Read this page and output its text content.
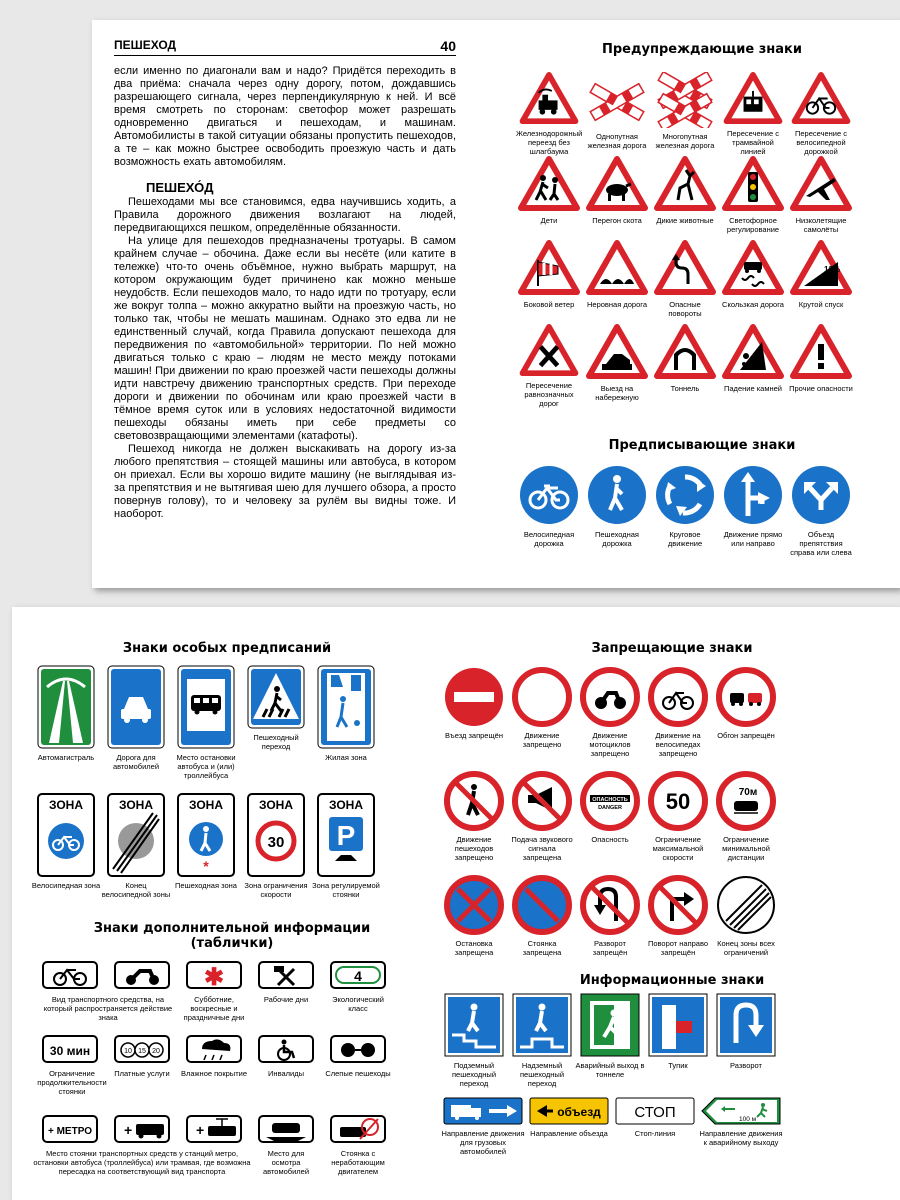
ПЕШЕХОД	40

если именно по диагонали вам и надо? Придётся переходить в два приёма: сначала через одну дорогу, потом, дождавшись разрешающего сигнала, через перпендикулярную к ней. И всё время смотреть по сторонам: светофор может разрешать одновременно двигаться и пешеходам, и машинам. Автомобилисты в такой ситуации обязаны пропустить пешеходов, а те – как можно быстрее освободить проезжую часть и дать возможность ехать автомобилям.

ПЕШЕХО́Д

Пешеходами мы все становимся, едва научившись ходить, а Правила дорожного движения возлагают на людей, передвигающихся пешком, определённые обязанности.

На улице для пешеходов предназначены тротуары. В самом крайнем случае – обочина. Даже если вы несёте (или катите в тележке) что-то очень объёмное, нужно выбрать маршрут, на котором окружающим будет причинено как можно меньше неудобств. Если пешеходов мало, то надо идти по тротуару, если же вокруг толпа – можно аккуратно выйти на проезжую часть, но только так, чтобы не мешать машинам. Однако это едва ли не единственный случай, когда Правила допускают пешехода для передвижения по «автомобильной» территории. По ней можно двигаться только с краю – людям не место между потоками машин! При движении по краю проезжей части пешеходы должны идти навстречу движению транспортных средств. При переходе дороги и движении по обочинам или краю проезжей части в тёмное время суток или в условиях недостаточной видимости пешеходы обязаны иметь при себе предметы со световозвращающими элементами (катафоты).

Пешеход никогда не должен выскакивать на дорогу из-за любого препятствия – стоящей машины или автобуса, в котором он приехал. Если вы хорошо видите машину (не выглядывая из-за препятствия и не вытягивая шею для лучшего обзора, а просто повернув голову), то и человеку за рулём вы видны тоже. И наоборот.

Предупреждающие знаки
Железнодорожный переезд без шлагбаума
Однопутная железная дорога
Многопутная железная дорога
Пересечение с трамвайной линией
Пересечение с велосипедной дорожкой
Дети	Перегон скота	Дикие животные	Светофорное регулирование
Низколетящие самолёты
Боковой ветер	Неровная дорога	Опасные повороты
Скользкая дорога
12%
Крутой спуск
Пересечение равнозначных дорог
Выезд на набережную
Тоннель	Падение камней Прочие опасности
Предписывающие знаки
Велосипедная дорожка
Пешеходная дорожка
Круговое движение
Движение прямо или направо
Объезд препятствия справа или слева
Знаки особых предписаний
Автомагистраль	Дорога для автомобилей
Место остановки автобуса и (или) троллейбуса
Пешеходный переход
Жилая зона
ЗОНА
Велосипедная зона
ЗОНА
Конец велосипедной зоны
ЗОНА
*
Пешеходная зона
ЗОНА
30
Зона ограничения скорости
ЗОНА
P
Зона регулируемой стоянки
Знаки дополнительной информации
(таблички)
✱	4
Вид транспортного средства, на который распространяется действие знака
Субботние, воскресные и праздничные дни
Рабочие дни	Экологический класс
30 мин	10 15 20
Ограничение продолжительности стоянки
Платные услуги	Влажное покрытие	Инвалиды	Слепые пешеходы
+ МЕТРО +	+
Место стоянки транспортных средств у станций метро, остановки автобуса (троллейбуса) или трамвая, где возможна пересадка на соответствующий вид транспорта
Место для осмотра автомобилей
Стоянка с неработающим двигателем
Запрещающие знаки
Въезд запрещён	Движение запрещено
Движение мотоциклов запрещено
Движение на велосипедах запрещено
Обгон запрещён
Движение пешеходов запрещено
Подача звукового сигнала запрещена
ОПАСНОСТЬ
DANGER
Опасность
50
Ограничение максимальной скорости
70м
Ограничение минимальной дистанции
Остановка запрещена
Стоянка запрещена
Разворот запрещён
Поворот направо запрещён
Конец зоны всех ограничений
Информационные знаки
Подземный пешеходный переход
Надземный пешеходный переход
Аварийный выход в тоннеле
Тупик	Разворот
Направление движения для грузовых автомобилей
объезд
Направление объезда
СТОП
Стоп-линия
100 м
Направление движения к аварийному выходу
